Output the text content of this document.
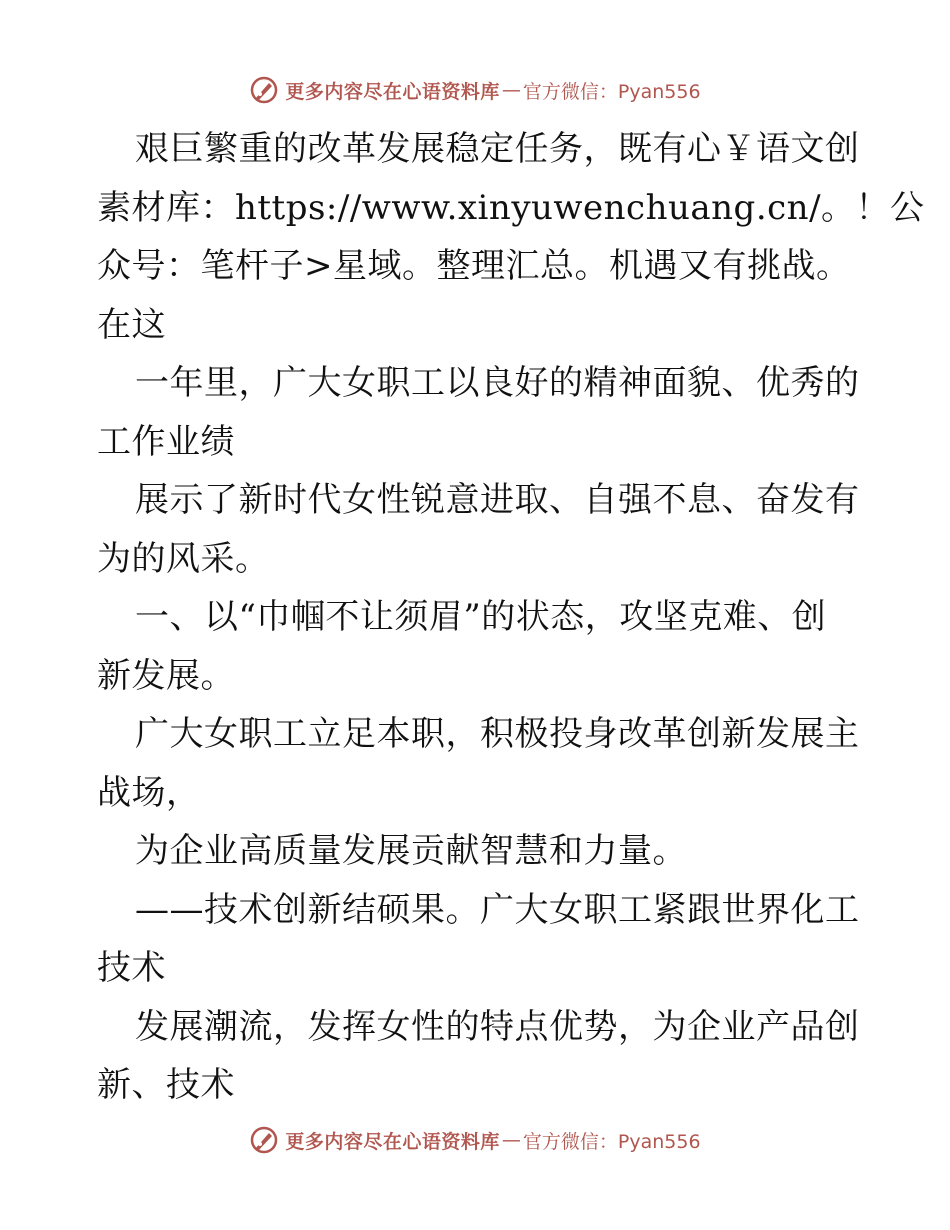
更多内容尽在心语资料库 — 官方微信：Pyan556
艰巨繁重的改革发展稳定任务，既有心￥语文创
素材库：https://www.xinyuwenchuang.cn/。！公
众号：笔杆子>星域。整理汇总。机遇又有挑战。
在这
一年里，广大女职工以良好的精神面貌、优秀的
工作业绩
展示了新时代女性锐意进取、自强不息、奋发有
为的风采。
一、以“巾帼不让须眉”的状态，攻坚克难、创
新发展。
广大女职工立足本职，积极投身改革创新发展主
战场，
为企业高质量发展贡献智慧和力量。
——技术创新结硕果。广大女职工紧跟世界化工
技术
发展潮流，发挥女性的特点优势，为企业产品创
新、技术
更多内容尽在心语资料库 — 官方微信：Pyan556
